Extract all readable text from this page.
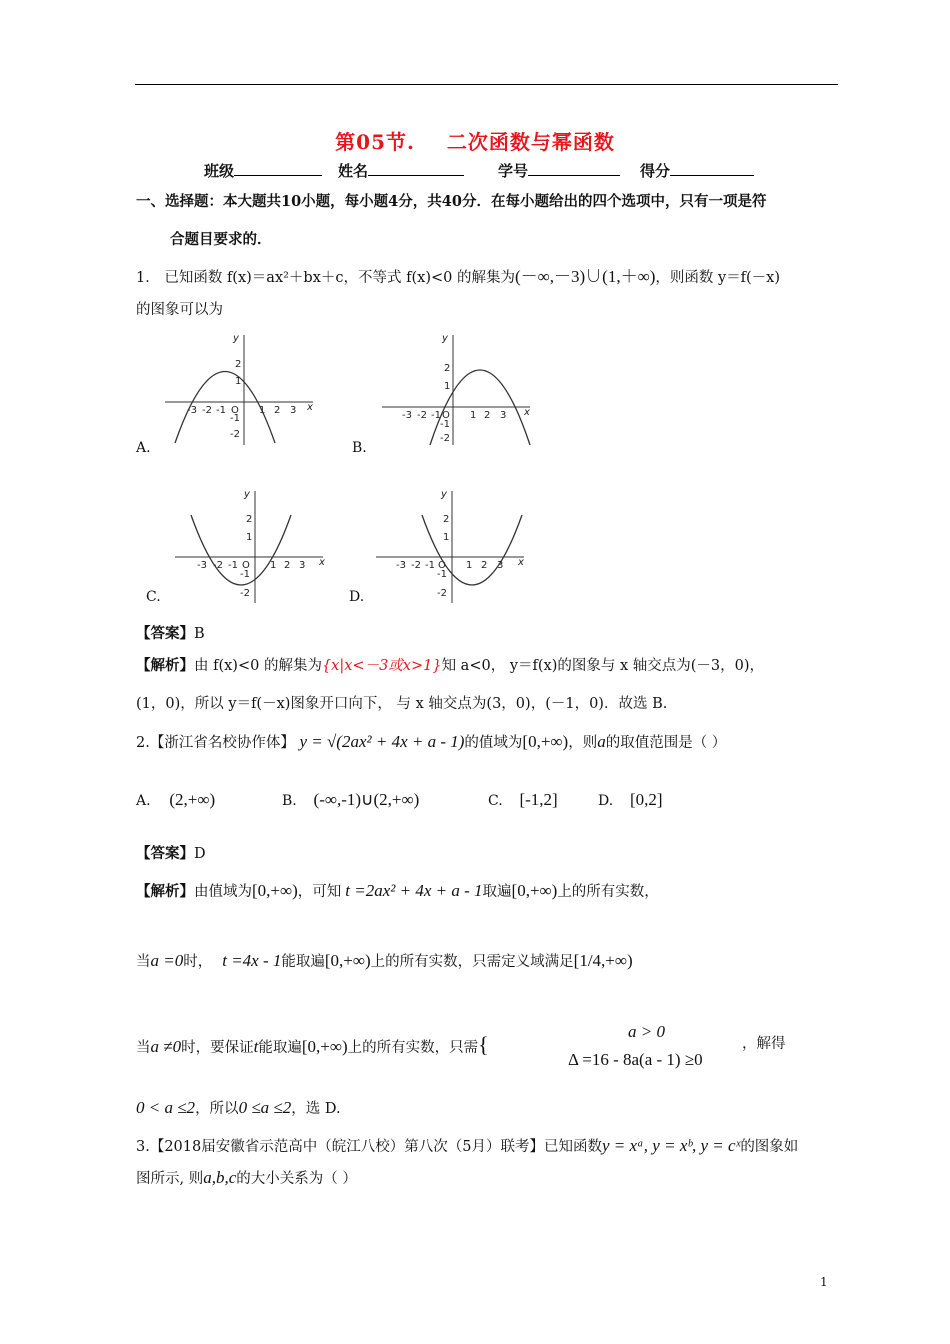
第05节. 二次函数与幂函数
班级	姓名	学号	得分
一、选择题：本大题共10小题，每小题4分，共40分．在每小题给出的四个选项中，只有一项是符
合题目要求的．
1． 已知函数 f(x)＝ax²＋bx＋c，不等式 f(x)<0 的解集为(－∞,－3)∪(1,＋∞)，则函数 y＝f(－x)
的图象可以为
-3 -2 -1 O 1 2 3 x
y
2
1
-1
-2
A.
-3 -2 -1 O 1 2 3 x
y
2
1
-1
-2
B.
-3 -2 -1 O 1 2 3 x
y
2
1
-1
-2
C.
-3 -2 -1 O 1 2 3 x
y
2
1
-1
-2
D.
【答案】B
【解析】由 f(x)<0 的解集为{x|x<－3或x>1}知 a<0， y＝f(x)的图象与 x 轴交点为(－3，0)，
(1，0)，所以 y＝f(－x)图象开口向下， 与 x 轴交点为(3，0)，(－1，0)．故选 B.
2.【浙江省名校协作体】 y = √(2ax² + 4x + a - 1)的值域为[0,+∞)，则a的取值范围是（ ）
A. (2,+∞)	B. (-∞,-1)∪(2,+∞)	C. [-1,2]	D. [0,2]
【答案】D
【解析】由值域为[0,+∞)，可知 t =2ax² + 4x + a - 1取遍[0,+∞)上的所有实数，
当a =0时， t =4x - 1能取遍[0,+∞)上的所有实数，只需定义域满足[1/4,+∞)
当a ≠0时，要保证t能取遍[0,+∞)上的所有实数，只需{
a > 0
Δ =16 - 8a(a - 1) ≥0
，解得
0 < a ≤2，所以0 ≤a ≤2，选 D.
3.【2018届安徽省示范高中（皖江八校）第八次（5月）联考】已知函数y = xᵃ, y = xᵇ, y = cˣ的图象如
图所示, 则a,b,c的大小关系为（ ）
1
